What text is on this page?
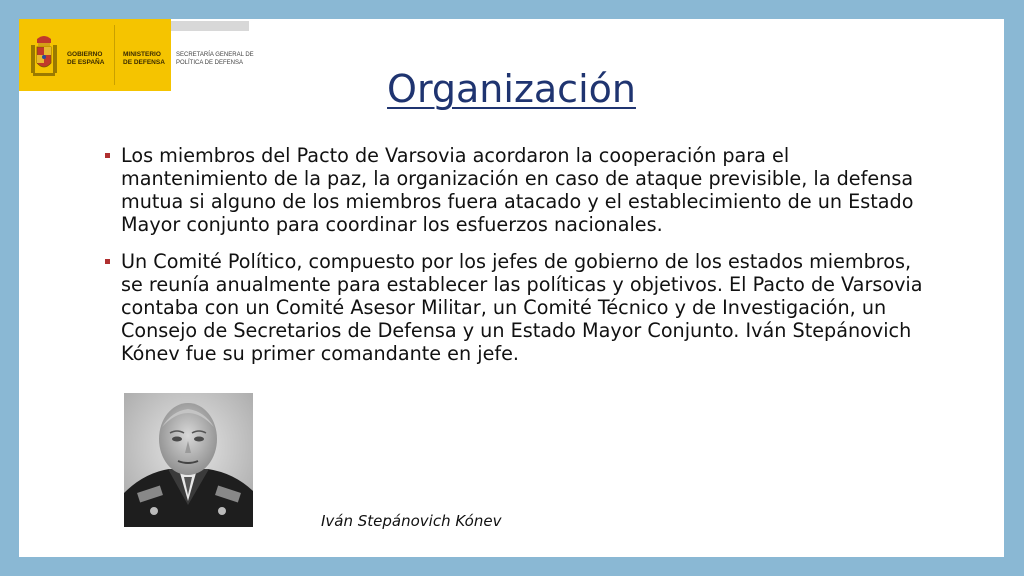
GOBIERNO
DE ESPAÑA
MINISTERIO
DE DEFENSA
SECRETARÍA GENERAL DE
POLÍTICA DE DEFENSA
Organización
Los miembros del Pacto de Varsovia acordaron la cooperación para el mantenimiento de la paz, la organización en caso de ataque previsible, la defensa mutua si alguno de los miembros fuera atacado y el establecimiento de un Estado Mayor conjunto para coordinar los esfuerzos nacionales.
Un Comité Político, compuesto por los jefes de gobierno de los estados miembros, se reunía anualmente para establecer las políticas y objetivos. El Pacto de Varsovia contaba con un Comité Asesor Militar, un Comité Técnico y de Investigación, un Consejo de Secretarios de Defensa y un Estado Mayor Conjunto. Iván Stepánovich Kónev fue su primer comandante en jefe.
Iván Stepánovich Kónev
